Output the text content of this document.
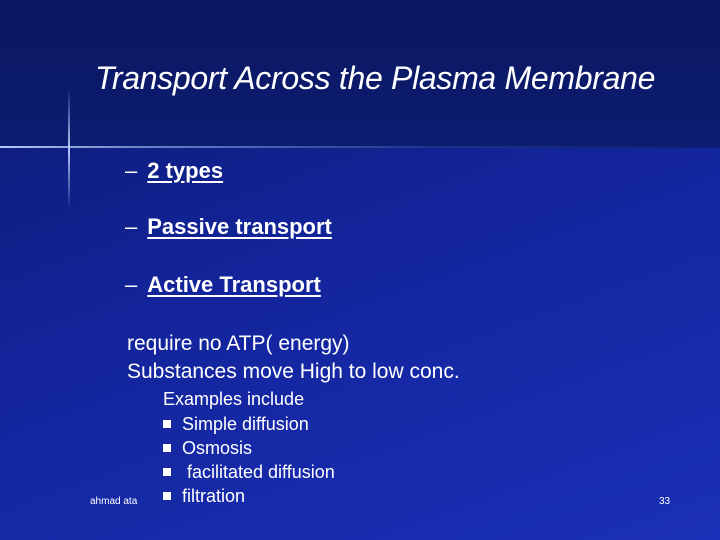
Transport Across the Plasma Membrane
– 2 types
– Passive transport
– Active Transport
require no ATP( energy)
Substances move High to low conc.
Examples include
Simple diffusion
Osmosis
facilitated diffusion
filtration
ahmad ata	33
